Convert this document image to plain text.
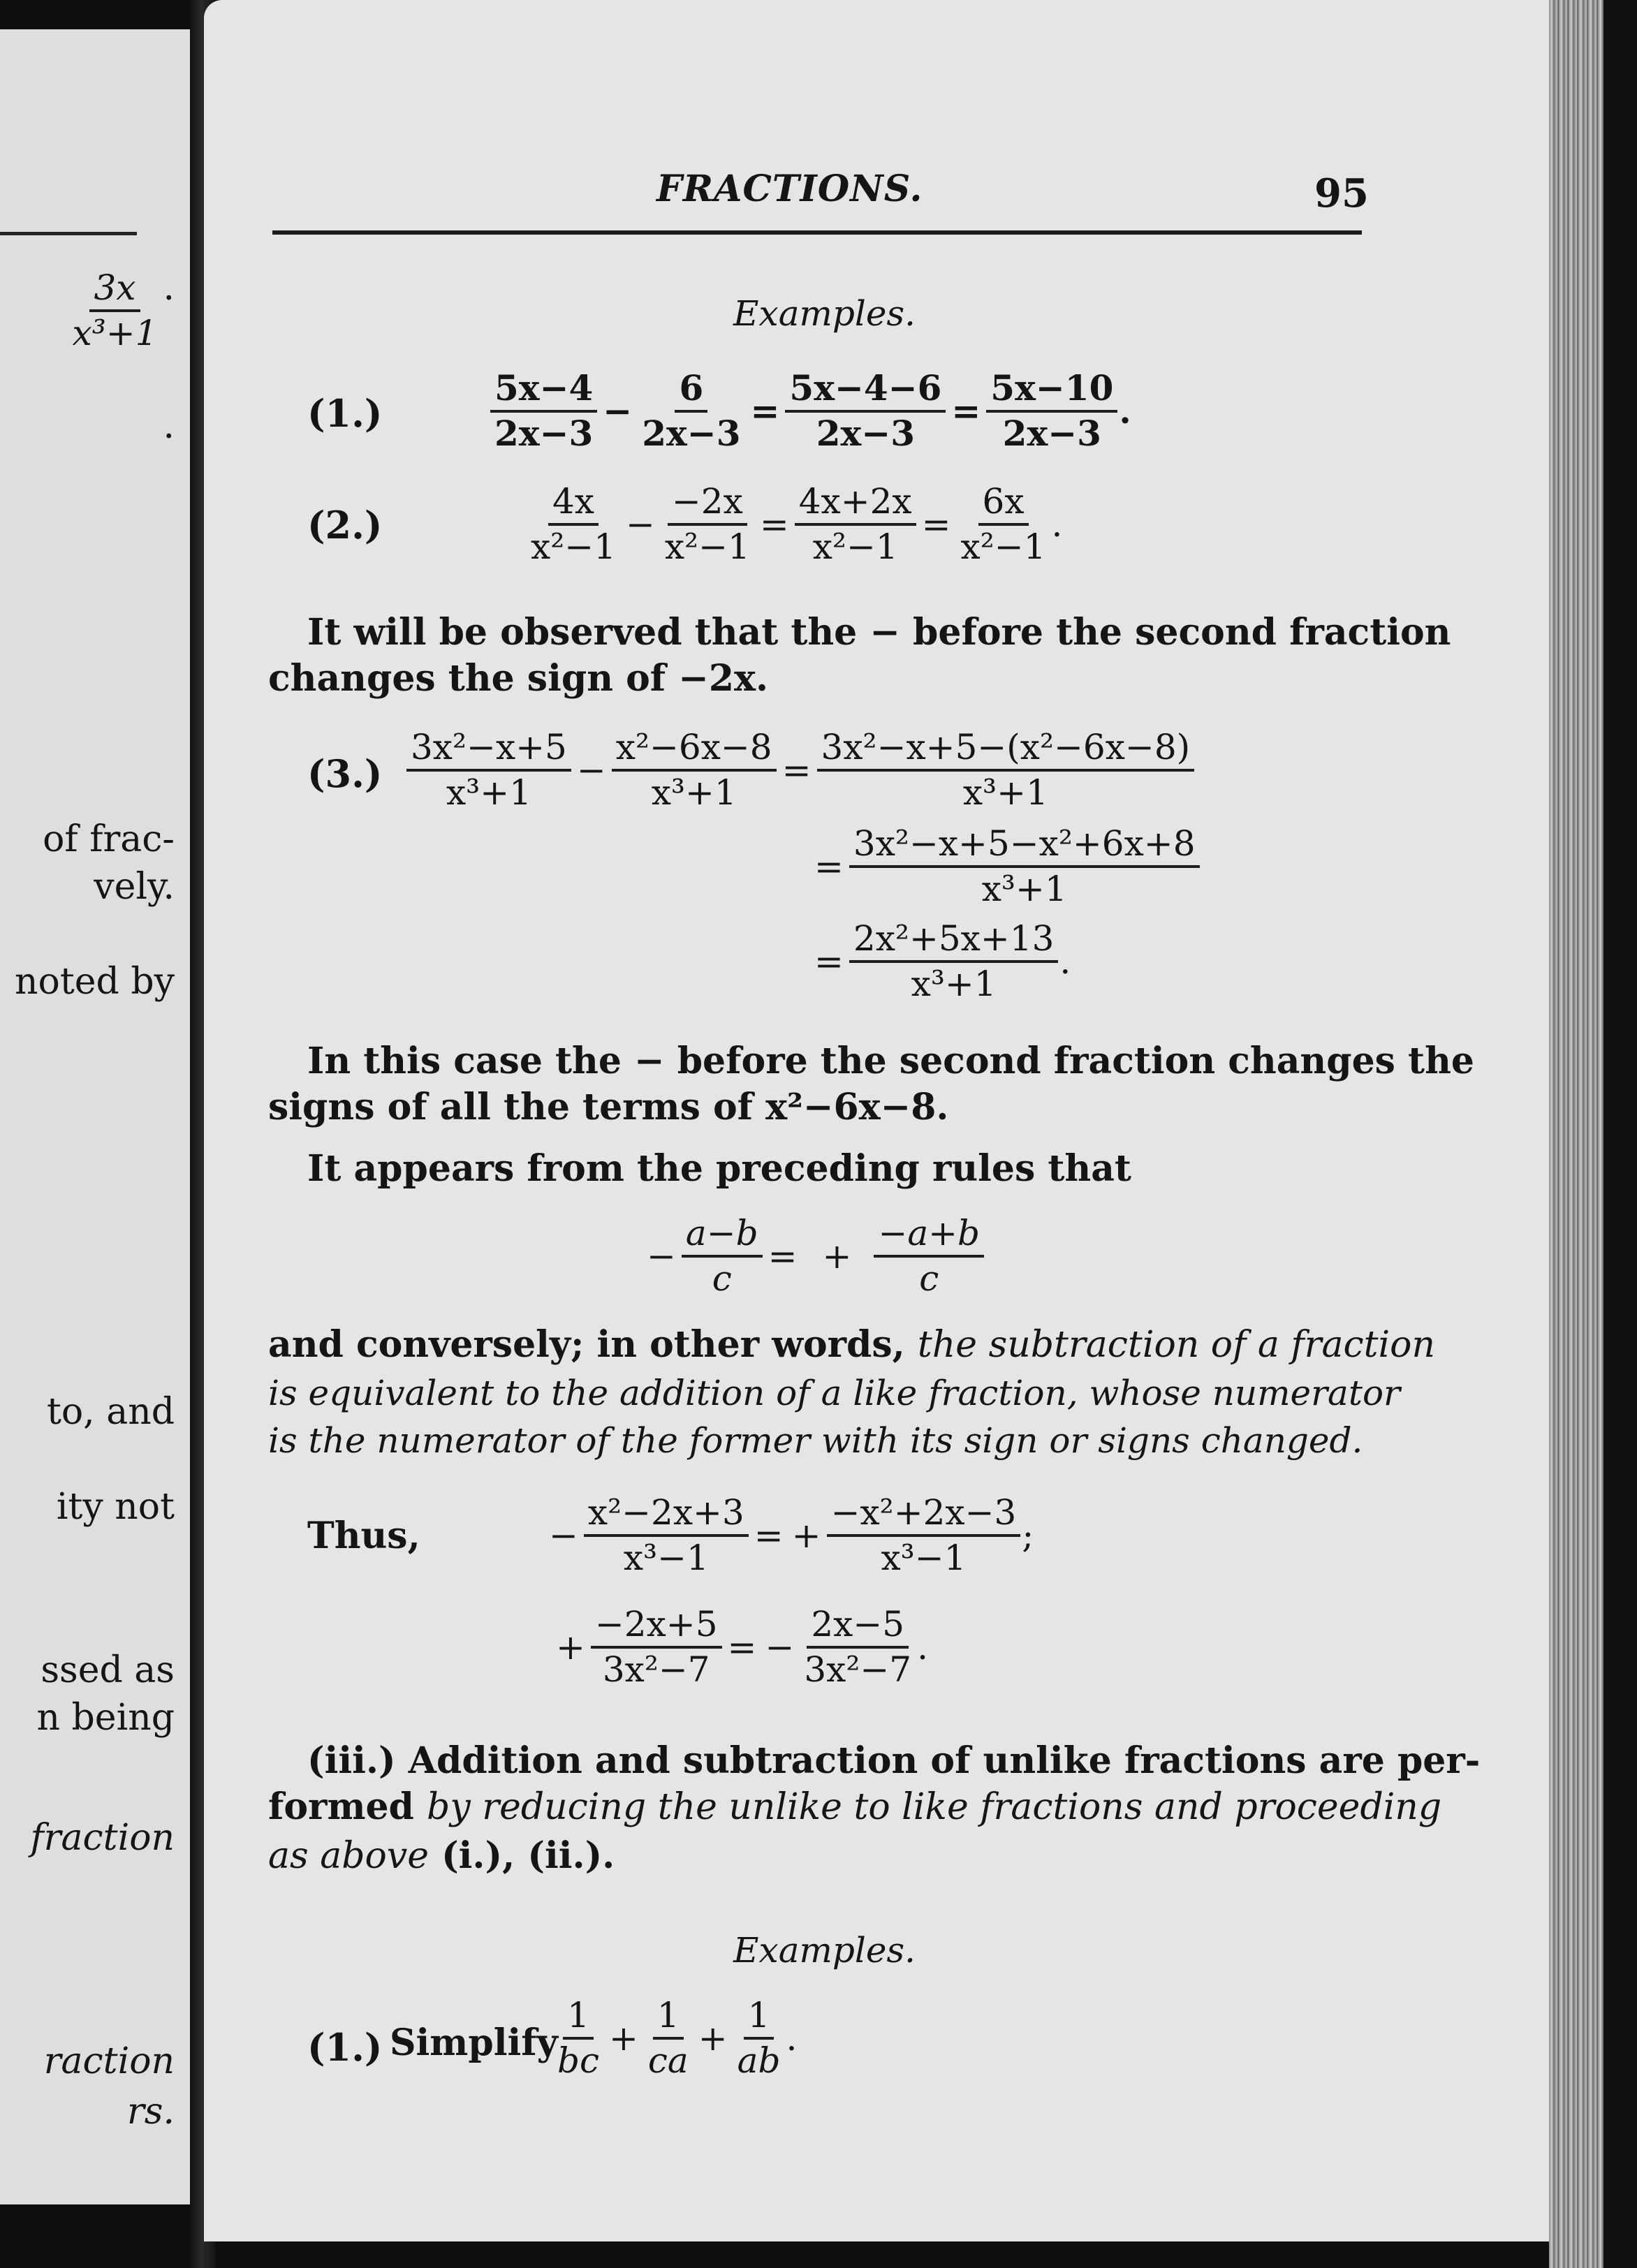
$\frac{3x}{\text{x³+1}}$ .
.
of frac-
vely.
noted by
to, and
ity not
ssed as
n being
fraction
raction
rs.
FRACTIONS.	95
Examples.
(1.)	$\frac{5x-4}{2x-3} - \frac{6}{2x-3} = \frac{5x-4-6}{2x-3} = \frac{5x-10}{2x-3}$ .
(2.)	$\frac{4x}{\text{x²−1}} - \frac{-2x}{\text{x²−1}} = \frac{4x+2x}{\text{x²−1}} = \frac{6x}{\text{x²−1}}$ .
It will be observed that the − before the second fraction
changes the sign of −2x.
$(3.) \frac{\text{3x²−x+5}}{\text{x³+1}} - \frac{\text{x²−6x−8}}{\text{x³+1}} = \frac{\text{3x²−x+5−(x²−6x−8)}}{\text{x³+1}}$
= $\frac{\text{3x²−x+5−x²+6x+8}}{\text{x³+1}}$
= $\frac{\text{2x²+5x+13}}{\text{x³+1}}$ .
In this case the − before the second fraction changes the
signs of all the terms of x²−6x−8.
It appears from the preceding rules that
− $\frac{a-b}{c}$ = + $\frac{-a+b}{c}$
and conversely; in other words, the subtraction of a fraction
is equivalent to the addition of a like fraction, whose numerator
is the numerator of the former with its sign or signs changed.
Thus,	− $\frac{\text{x²−2x+3}}{\text{x³−1}}$ = + $\frac{\text{−x²+2x−3}}{\text{x³−1}}$ ;
+ $\frac{-2x+5}{\text{3x²−7}}$ = − $\frac{2x-5}{\text{3x²−7}}$ .
(iii.) Addition and subtraction of unlike fractions are per-
formed by reducing the unlike to like fractions and proceeding
as above (i.), (ii.).
Examples.
(1.) Simplify
$\frac{1}{bc} + \frac{1}{ca} + \frac{1}{ab}$ .
